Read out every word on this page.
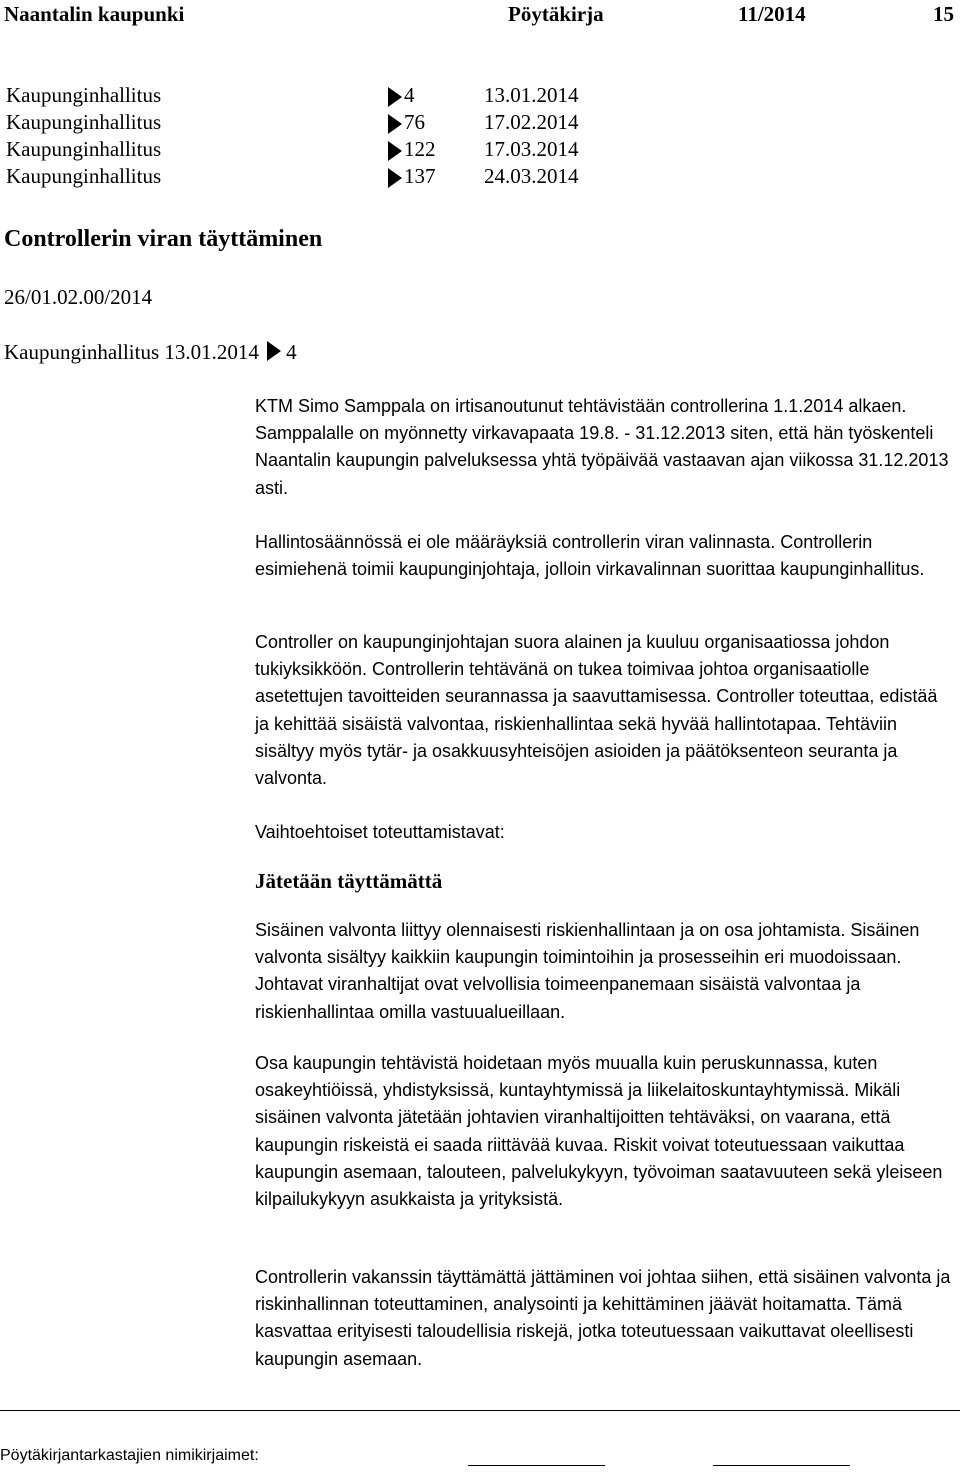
Naantalin kaupunki	Pöytäkirja	11/2014	15
Kaupunginhallitus	4	13.01.2014
Kaupunginhallitus	76	17.02.2014
Kaupunginhallitus	122 17.03.2014
Kaupunginhallitus	137 24.03.2014
Controllerin viran täyttäminen
26/01.02.00/2014
Kaupunginhallitus 13.01.2014 4

KTM Simo Samppala on irtisanoutunut tehtävistään controllerina 1.1.2014 alkaen. Samppalalle on myönnetty virkavapaata 19.8. - 31.12.2013 siten, että hän työskenteli Naantalin kaupungin palveluksessa yhtä työpäivää vastaavan ajan viikossa 31.12.2013 asti.

Hallintosäännössä ei ole määräyksiä controllerin viran valinnasta. Controllerin esimiehenä toimii kaupunginjohtaja, jolloin virkavalinnan suorittaa kaupunginhallitus.

Controller on kaupunginjohtajan suora alainen ja kuuluu organisaatiossa johdon tukiyksikköön. Controllerin tehtävänä on tukea toimivaa johtoa organisaatiolle asetettujen tavoitteiden seurannassa ja saavuttamisessa. Controller toteuttaa, edistää ja kehittää sisäistä valvontaa, riskienhallintaa sekä hyvää hallintotapaa. Tehtäviin sisältyy myös tytär- ja osakkuusyhteisöjen asioiden ja päätöksenteon seuranta ja valvonta.

Vaihtoehtoiset toteuttamistavat:

Jätetään täyttämättä

Sisäinen valvonta liittyy olennaisesti riskienhallintaan ja on osa johtamista. Sisäinen valvonta sisältyy kaikkiin kaupungin toimintoihin ja prosesseihin eri muodoissaan. Johtavat viranhaltijat ovat velvollisia toimeenpanemaan sisäistä valvontaa ja riskienhallintaa omilla vastuualueillaan.

Osa kaupungin tehtävistä hoidetaan myös muualla kuin peruskunnassa, kuten osakeyhtiöissä, yhdistyksissä, kuntayhtymissä ja liikelaitoskuntayhtymissä. Mikäli sisäinen valvonta jätetään johtavien viranhaltijoitten tehtäväksi, on vaarana, että kaupungin riskeistä ei saada riittävää kuvaa. Riskit voivat toteutuessaan vaikuttaa kaupungin asemaan, talouteen, palvelukykyyn, työvoiman saatavuuteen sekä yleiseen kilpailukykyyn asukkaista ja yrityksistä.

Controllerin vakanssin täyttämättä jättäminen voi johtaa siihen, että sisäinen valvonta ja riskinhallinnan toteuttaminen, analysointi ja kehittäminen jäävät hoitamatta. Tämä kasvattaa erityisesti taloudellisia riskejä, jotka toteutuessaan vaikuttavat oleellisesti kaupungin asemaan.

Pöytäkirjantarkastajien nimikirjaimet:
